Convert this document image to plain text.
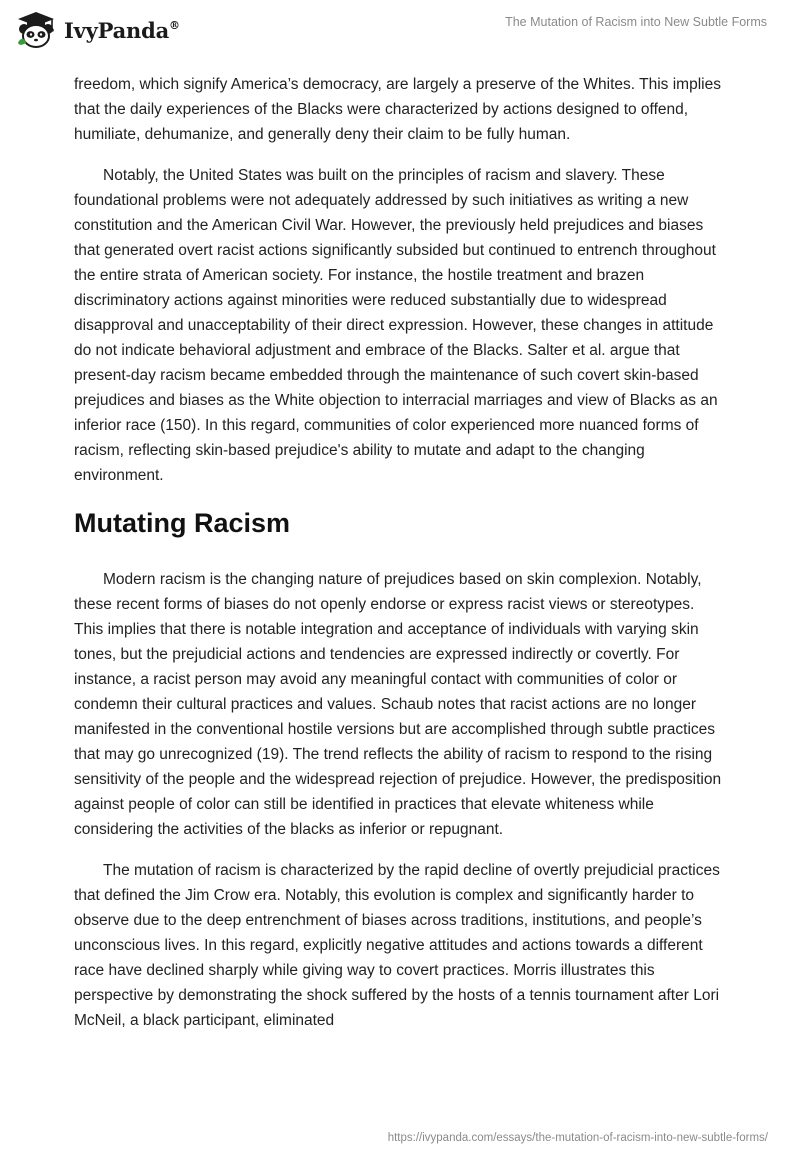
IvyPanda®	The Mutation of Racism into New Subtle Forms

freedom, which signify America’s democracy, are largely a preserve of the Whites. This implies that the daily experiences of the Blacks were characterized by actions designed to offend, humiliate, dehumanize, and generally deny their claim to be fully human.

Notably, the United States was built on the principles of racism and slavery. These foundational problems were not adequately addressed by such initiatives as writing a new constitution and the American Civil War. However, the previously held prejudices and biases that generated overt racist actions significantly subsided but continued to entrench throughout the entire strata of American society. For instance, the hostile treatment and brazen discriminatory actions against minorities were reduced substantially due to widespread disapproval and unacceptability of their direct expression. However, these changes in attitude do not indicate behavioral adjustment and embrace of the Blacks. Salter et al. argue that present-day racism became embedded through the maintenance of such covert skin-based prejudices and biases as the White objection to interracial marriages and view of Blacks as an inferior race (150). In this regard, communities of color experienced more nuanced forms of racism, reflecting skin-based prejudice's ability to mutate and adapt to the changing environment.

Mutating Racism

Modern racism is the changing nature of prejudices based on skin complexion. Notably, these recent forms of biases do not openly endorse or express racist views or stereotypes. This implies that there is notable integration and acceptance of individuals with varying skin tones, but the prejudicial actions and tendencies are expressed indirectly or covertly. For instance, a racist person may avoid any meaningful contact with communities of color or condemn their cultural practices and values. Schaub notes that racist actions are no longer manifested in the conventional hostile versions but are accomplished through subtle practices that may go unrecognized (19). The trend reflects the ability of racism to respond to the rising sensitivity of the people and the widespread rejection of prejudice. However, the predisposition against people of color can still be identified in practices that elevate whiteness while considering the activities of the blacks as inferior or repugnant.

The mutation of racism is characterized by the rapid decline of overtly prejudicial practices that defined the Jim Crow era. Notably, this evolution is complex and significantly harder to observe due to the deep entrenchment of biases across traditions, institutions, and people’s unconscious lives. In this regard, explicitly negative attitudes and actions towards a different race have declined sharply while giving way to covert practices. Morris illustrates this perspective by demonstrating the shock suffered by the hosts of a tennis tournament after Lori McNeil, a black participant, eliminated

https://ivypanda.com/essays/the-mutation-of-racism-into-new-subtle-forms/
